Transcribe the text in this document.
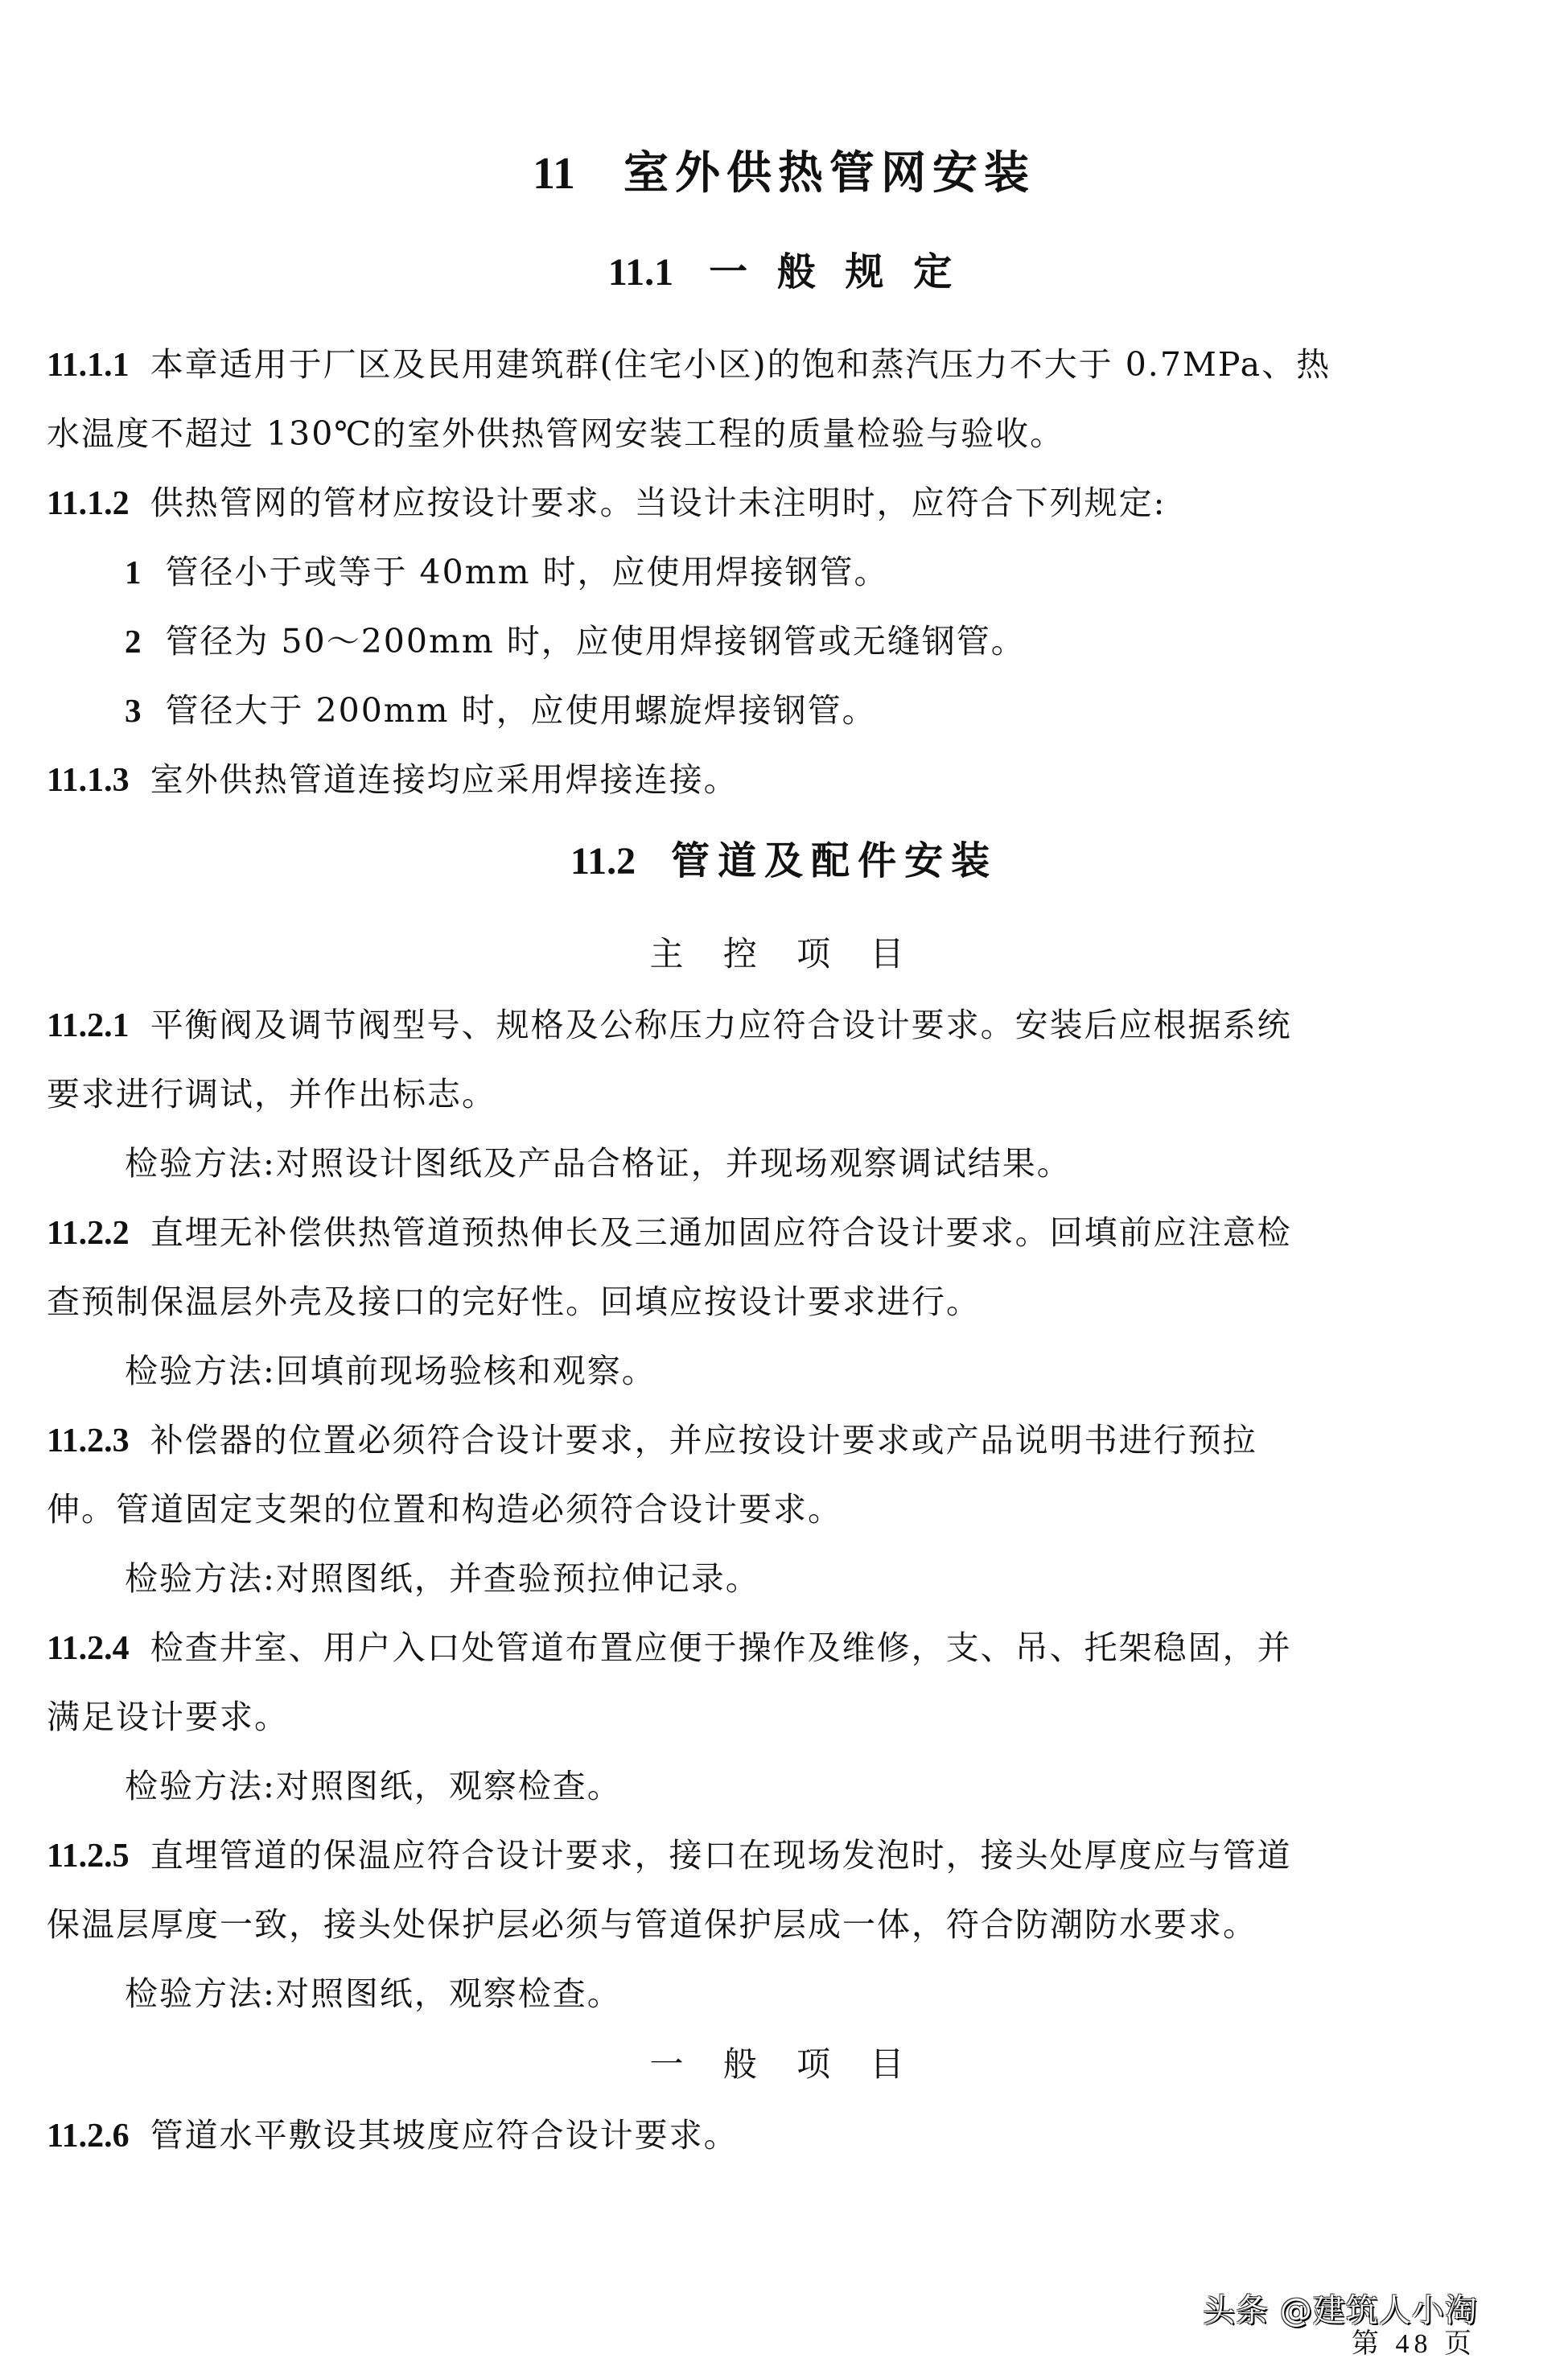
11 室外供热管网安装
11.1 一 般 规 定
11.1.1 本章适用于厂区及民用建筑群(住宅小区)的饱和蒸汽压力不大于 0.7MPa、热
水温度不超过 130℃的室外供热管网安装工程的质量检验与验收。
11.1.2 供热管网的管材应按设计要求。当设计未注明时，应符合下列规定:
1 管径小于或等于 40mm 时，应使用焊接钢管。
2 管径为 50～200mm 时，应使用焊接钢管或无缝钢管。
3 管径大于 200mm 时，应使用螺旋焊接钢管。
11.1.3 室外供热管道连接均应采用焊接连接。
11.2 管道及配件安装
主 控 项 目
11.2.1 平衡阀及调节阀型号、规格及公称压力应符合设计要求。安装后应根据系统
要求进行调试，并作出标志。
检验方法:对照设计图纸及产品合格证，并现场观察调试结果。
11.2.2 直埋无补偿供热管道预热伸长及三通加固应符合设计要求。回填前应注意检
查预制保温层外壳及接口的完好性。回填应按设计要求进行。
检验方法:回填前现场验核和观察。
11.2.3 补偿器的位置必须符合设计要求，并应按设计要求或产品说明书进行预拉
伸。管道固定支架的位置和构造必须符合设计要求。
检验方法:对照图纸，并查验预拉伸记录。
11.2.4 检查井室、用户入口处管道布置应便于操作及维修，支、吊、托架稳固，并
满足设计要求。
检验方法:对照图纸，观察检查。
11.2.5 直埋管道的保温应符合设计要求，接口在现场发泡时，接头处厚度应与管道
保温层厚度一致，接头处保护层必须与管道保护层成一体，符合防潮防水要求。
检验方法:对照图纸，观察检查。
一 般 项 目
11.2.6 管道水平敷设其坡度应符合设计要求。
第 48 页
头条 @建筑人小淘
